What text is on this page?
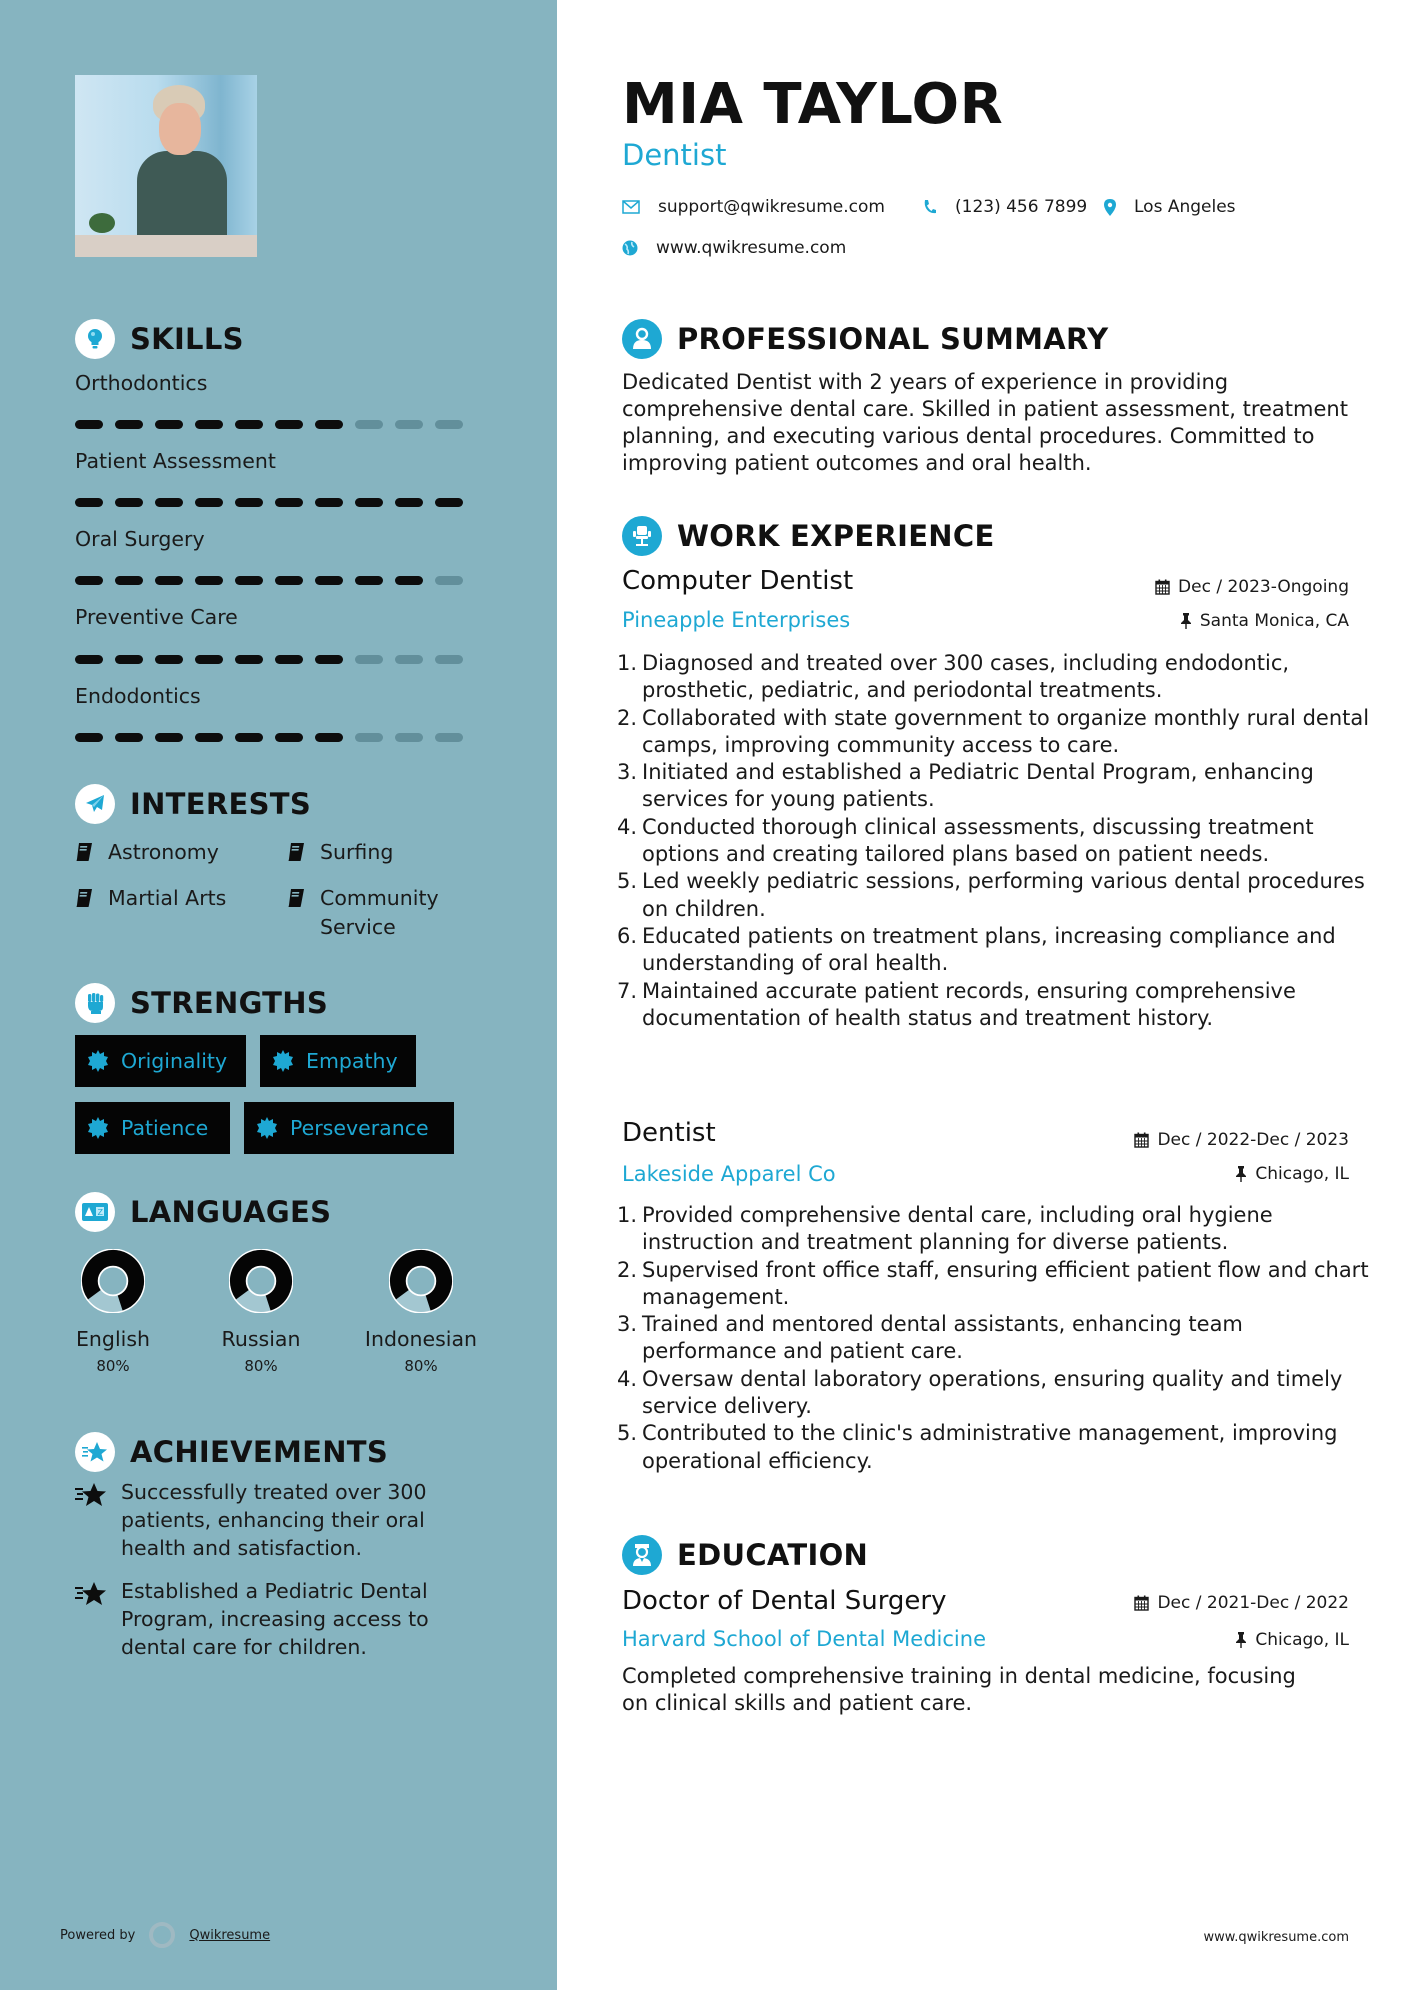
SKILLS
Orthodontics
Patient Assessment
Oral Surgery
Preventive Care
Endodontics
INTERESTS
Astronomy	Surfing
Martial Arts	Community Service
STRENGTHS
Originality	Empathy
Patience	Perseverance
Z LANGUAGES
English
80%
Russian
80%
Indonesian
80%
ACHIEVEMENTS

Successfully treated over 300 patients, enhancing their oral health and satisfaction.

Established a Pediatric Dental Program, increasing access to dental care for children.

Powered by	Qwikresume
MIA TAYLOR
Dentist
support@qwikresume.com	(123) 456 7899	Los Angeles
www.qwikresume.com
PROFESSIONAL SUMMARY

Dedicated Dentist with 2 years of experience in providing comprehensive dental care. Skilled in patient assessment, treatment planning, and executing various dental procedures. Committed to improving patient outcomes and oral health.

WORK EXPERIENCE
Computer Dentist	Dec / 2023-Ongoing
Pineapple Enterprises	Santa Monica, CA
1. Diagnosed and treated over 300 cases, including endodontic, prosthetic, pediatric, and periodontal treatments.
2. Collaborated with state government to organize monthly rural dental camps, improving community access to care.
3. Initiated and established a Pediatric Dental Program, enhancing services for young patients.
4. Conducted thorough clinical assessments, discussing treatment options and creating tailored plans based on patient needs.
5. Led weekly pediatric sessions, performing various dental procedures on children.
6. Educated patients on treatment plans, increasing compliance and understanding of oral health.
7. Maintained accurate patient records, ensuring comprehensive documentation of health status and treatment history.
Dentist	Dec / 2022-Dec / 2023
Lakeside Apparel Co	Chicago, IL
1. Provided comprehensive dental care, including oral hygiene instruction and treatment planning for diverse patients.
2. Supervised front office staff, ensuring efficient patient flow and chart management.
3. Trained and mentored dental assistants, enhancing team performance and patient care.
4. Oversaw dental laboratory operations, ensuring quality and timely service delivery.
5. Contributed to the clinic's administrative management, improving operational efficiency.
EDUCATION
Doctor of Dental Surgery	Dec / 2021-Dec / 2022
Harvard School of Dental Medicine	Chicago, IL

Completed comprehensive training in dental medicine, focusing on clinical skills and patient care.

www.qwikresume.com
